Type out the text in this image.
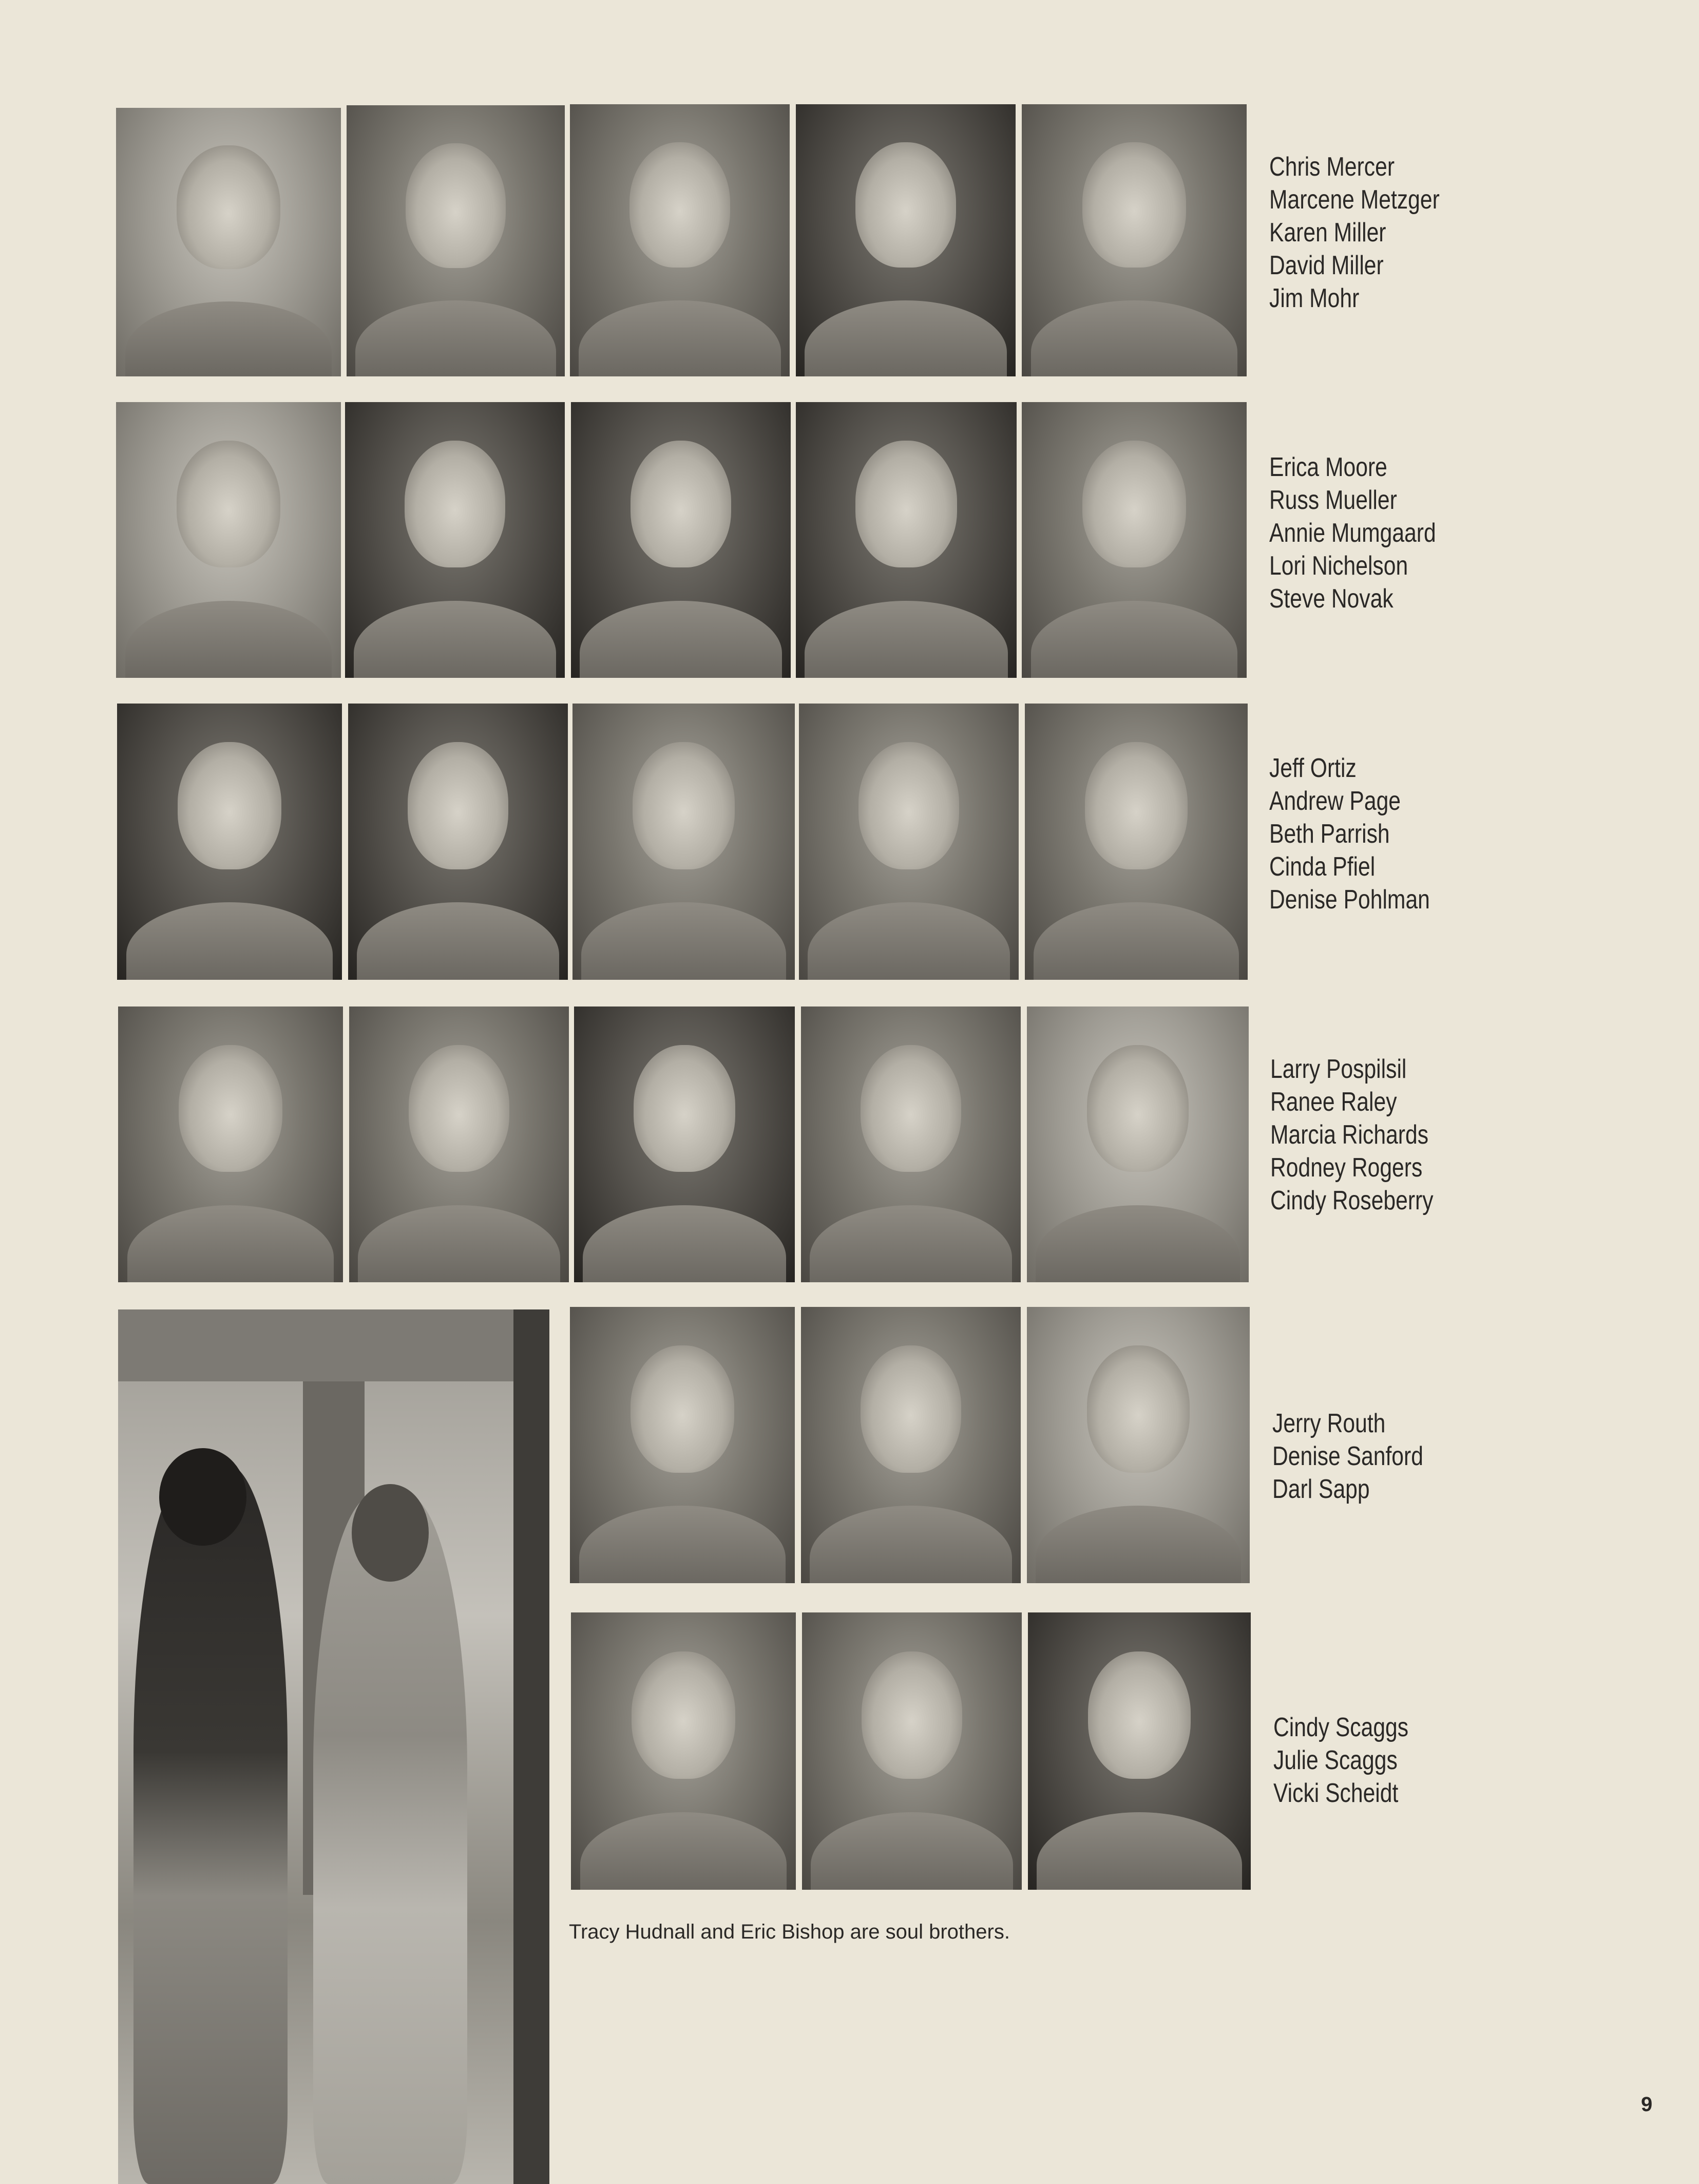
Chris Mercer
Marcene Metzger
Karen Miller
David Miller
Jim Mohr
Erica Moore
Russ Mueller
Annie Mumgaard
Lori Nichelson
Steve Novak
Jeff Ortiz
Andrew Page
Beth Parrish
Cinda Pfiel
Denise Pohlman
Larry Pospilsil
Ranee Raley
Marcia Richards
Rodney Rogers
Cindy Roseberry
Jerry Routh
Denise Sanford
Darl Sapp
Cindy Scaggs
Julie Scaggs
Vicki Scheidt
Tracy Hudnall and Eric Bishop are soul brothers.
9
